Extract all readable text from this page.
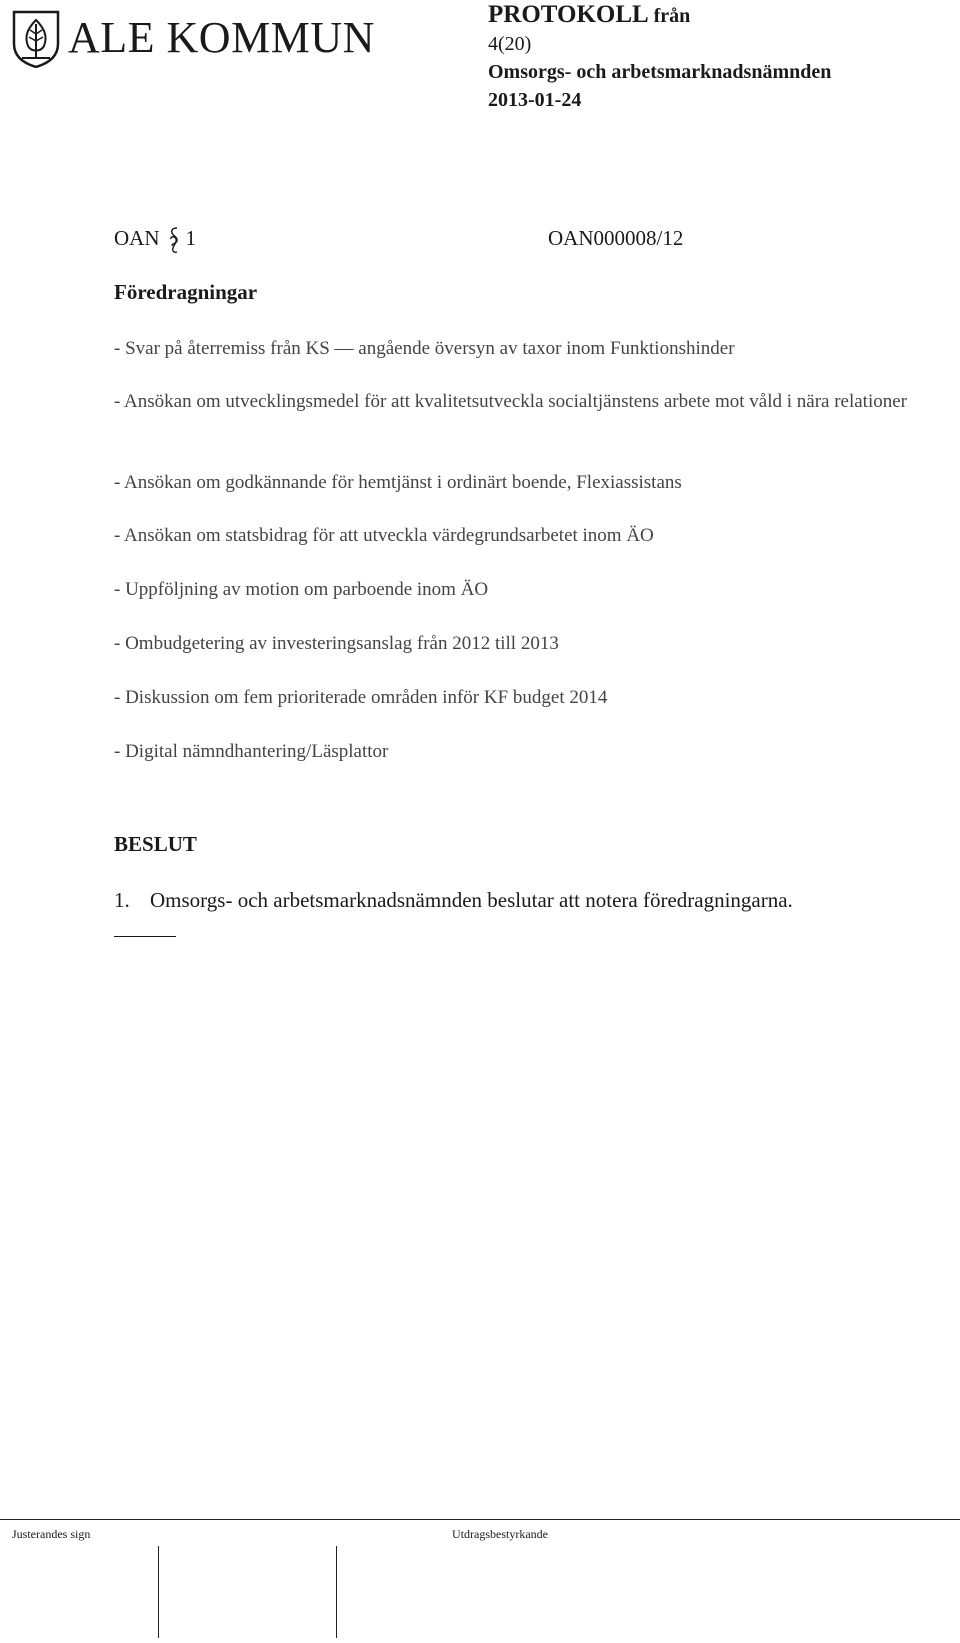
ALE KOMMUN	PROTOKOLL från
4(20)
Omsorgs- och arbetsmarknadsnämnden
2013-01-24
OAN 1	OAN000008/12
Föredragningar
- Svar på återremiss från KS — angående översyn av taxor inom Funktionshinder
- Ansökan om utvecklingsmedel för att kvalitetsutveckla socialtjänstens arbete mot våld i nära relationer
- Ansökan om godkännande för hemtjänst i ordinärt boende, Flexiassistans
- Ansökan om statsbidrag för att utveckla värdegrundsarbetet inom ÄO
- Uppföljning av motion om parboende inom ÄO
- Ombudgetering av investeringsanslag från 2012 till 2013
- Diskussion om fem prioriterade områden inför KF budget 2014
- Digital nämndhantering/Läsplattor
BESLUT
1. Omsorgs- och arbetsmarknadsnämnden beslutar att notera föredragningarna.
Justerandes sign	Utdragsbestyrkande
